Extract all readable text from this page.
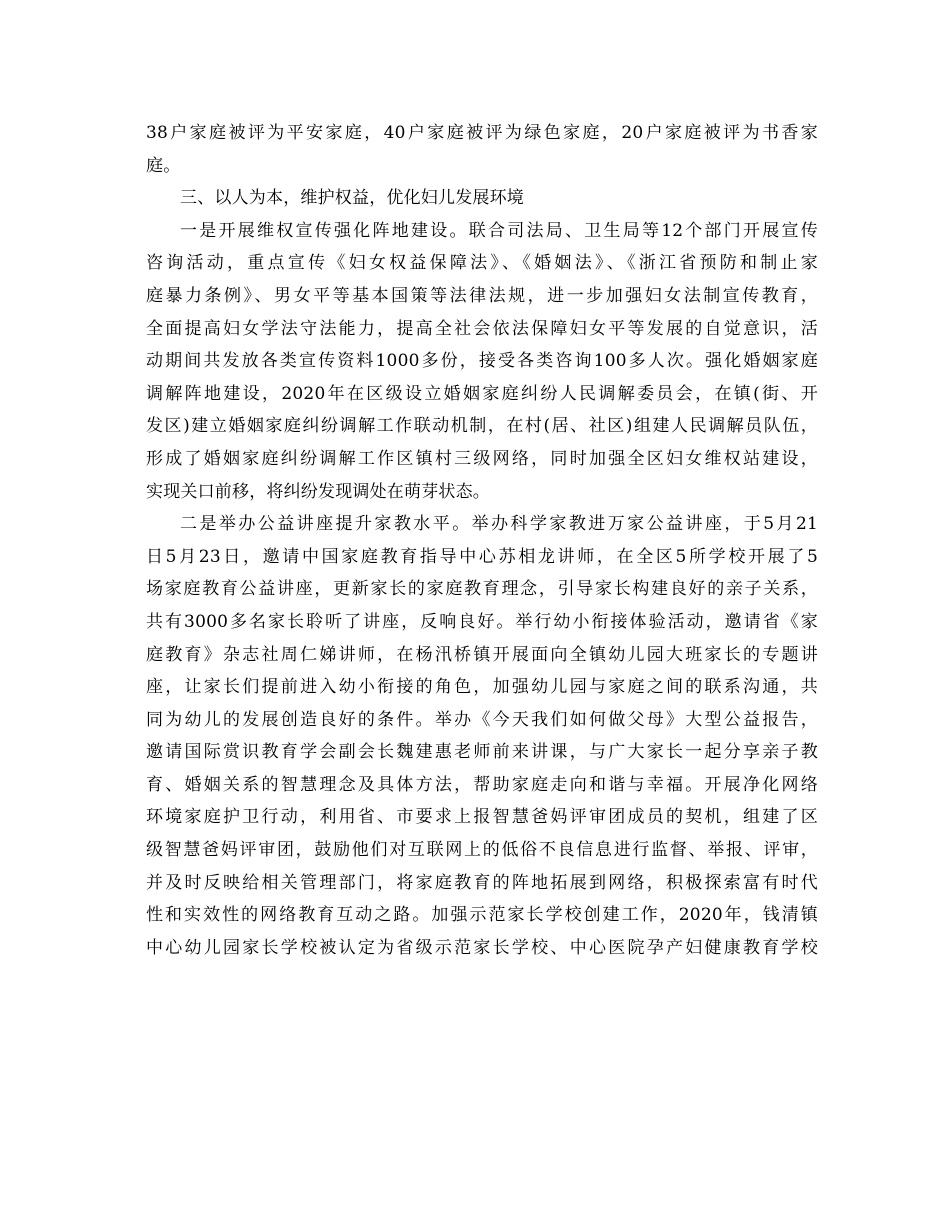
38户家庭被评为平安家庭，40户家庭被评为绿色家庭，20户家庭被评为书香家
庭。
三、以人为本，维护权益，优化妇儿发展环境
一是开展维权宣传强化阵地建设。联合司法局、卫生局等12个部门开展宣传
咨询活动，重点宣传《妇女权益保障法》、《婚姻法》、《浙江省预防和制止家
庭暴力条例》、男女平等基本国策等法律法规，进一步加强妇女法制宣传教育，
全面提高妇女学法守法能力，提高全社会依法保障妇女平等发展的自觉意识，活
动期间共发放各类宣传资料1000多份，接受各类咨询100多人次。强化婚姻家庭
调解阵地建设，2020年在区级设立婚姻家庭纠纷人民调解委员会，在镇(街、开
发区)建立婚姻家庭纠纷调解工作联动机制，在村(居、社区)组建人民调解员队伍，
形成了婚姻家庭纠纷调解工作区镇村三级网络，同时加强全区妇女维权站建设，
实现关口前移，将纠纷发现调处在萌芽状态。
二是举办公益讲座提升家教水平。举办科学家教进万家公益讲座，于5月21
日5月23日，邀请中国家庭教育指导中心苏相龙讲师，在全区5所学校开展了5
场家庭教育公益讲座，更新家长的家庭教育理念，引导家长构建良好的亲子关系，
共有3000多名家长聆听了讲座，反响良好。举行幼小衔接体验活动，邀请省《家
庭教育》杂志社周仁娣讲师，在杨汛桥镇开展面向全镇幼儿园大班家长的专题讲
座，让家长们提前进入幼小衔接的角色，加强幼儿园与家庭之间的联系沟通，共
同为幼儿的发展创造良好的条件。举办《今天我们如何做父母》大型公益报告，
邀请国际赏识教育学会副会长魏建惠老师前来讲课，与广大家长一起分享亲子教
育、婚姻关系的智慧理念及具体方法，帮助家庭走向和谐与幸福。开展净化网络
环境家庭护卫行动，利用省、市要求上报智慧爸妈评审团成员的契机，组建了区
级智慧爸妈评审团，鼓励他们对互联网上的低俗不良信息进行监督、举报、评审，
并及时反映给相关管理部门，将家庭教育的阵地拓展到网络，积极探索富有时代
性和实效性的网络教育互动之路。加强示范家长学校创建工作，2020年，钱清镇
中心幼儿园家长学校被认定为省级示范家长学校、中心医院孕产妇健康教育学校
